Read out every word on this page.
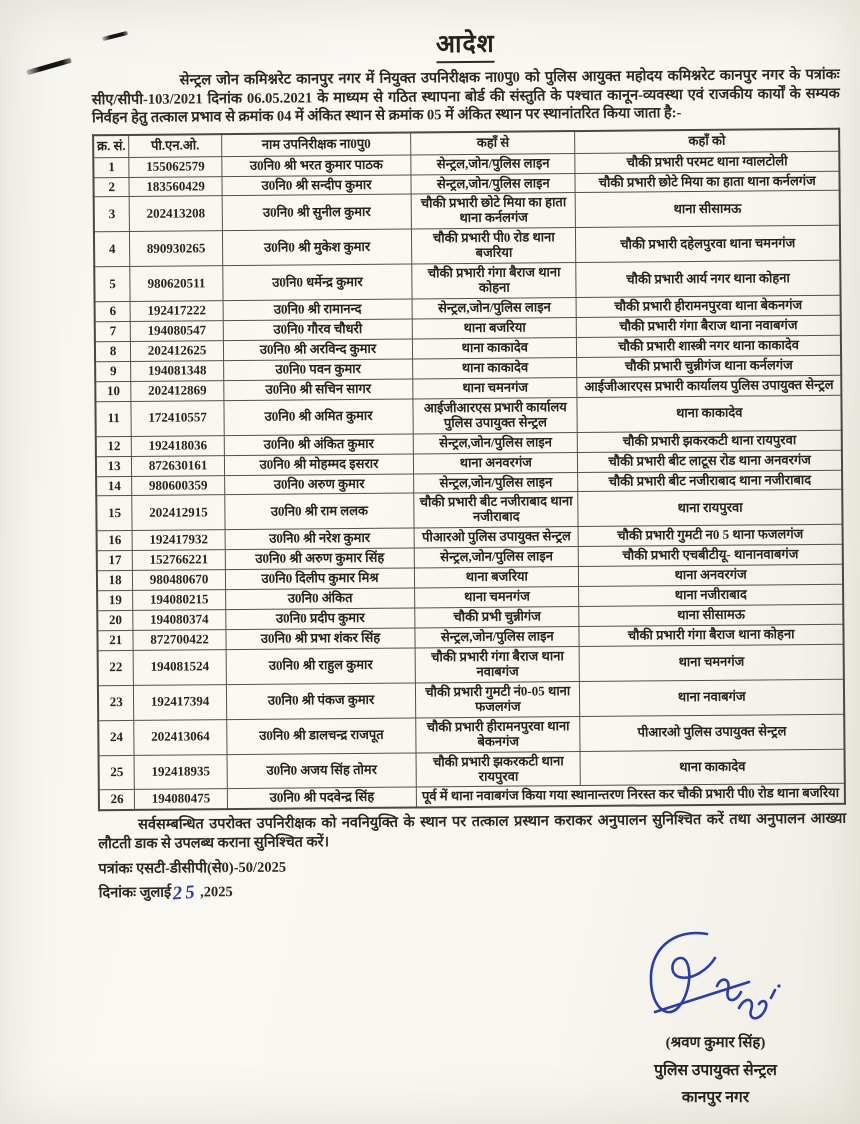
आदेश

सेन्ट्रल जोन कमिश्नरेट कानपुर नगर में नियुक्त उपनिरीक्षक ना0पु0 को पुलिस आयुक्त महोदय कमिश्नरेट कानपुर नगर के पत्रांकः सीए/सीपी-103/2021 दिनांक 06.05.2021 के माध्यम से गठित स्थापना बोर्ड की संस्तुति के पश्चात कानून-व्यवस्था एवं राजकीय कार्यों के सम्यक निर्वहन हेतु तत्काल प्रभाव से क्रमांक 04 में अंकित स्थान से क्रमांक 05 में अंकित स्थान पर स्थानांतरित किया जाता है:-

क्र. सं.	पी.एन.ओ.	नाम उपनिरीक्षक ना0पु0	कहाँ से	कहाँ को
1	155062579	उ0नि0 श्री भरत कुमार पाठक	सेन्ट्रल,जोन/पुलिस लाइन	चौकी प्रभारी परमट थाना ग्वालटोली
2	183560429	उ0नि0 श्री सन्दीप कुमार	सेन्ट्रल,जोन/पुलिस लाइन	चौकी प्रभारी छोटे मिया का हाता थाना कर्नलगंज
3	202413208	उ0नि0 श्री सुनील कुमार	चौकी प्रभारी छोटे मिया का हाता थाना कर्नलगंज	थाना सीसामऊ
4	890930265	उ0नि0 श्री मुकेश कुमार	चौकी प्रभारी पी0 रोड थाना बजरिया	चौकी प्रभारी दहेलपुरवा थाना चमनगंज
5	980620511	उ0नि0 धर्मेन्द्र कुमार	चौकी प्रभारी गंगा बैराज थाना कोहना	चौकी प्रभारी आर्य नगर थाना कोहना
6	192417222	उ0नि0 श्री रामानन्द	सेन्ट्रल,जोन/पुलिस लाइन	चौकी प्रभारी हीरामनपुरवा थाना बेकनगंज
7	194080547	उ0नि0 गौरव चौधरी	थाना बजरिया	चौकी प्रभारी गंगा बैराज थाना नवाबगंज
8	202412625	उ0नि0 श्री अरविन्द कुमार	थाना काकादेव	चौकी प्रभारी शास्त्री नगर थाना काकादेव
9	194081348	उ0नि0 पवन कुमार	थाना काकादेव	चौकी प्रभारी चुन्नीगंज थाना कर्नलगंज
10	202412869	उ0नि0 श्री सचिन सागर	थाना चमनगंज	आईजीआरएस प्रभारी कार्यालय पुलिस उपायुक्त सेन्ट्रल
11	172410557	उ0नि0 श्री अमित कुमार	आईजीआरएस प्रभारी कार्यालय पुलिस उपायुक्त सेन्ट्रल	थाना काकादेव
12	192418036	उ0नि0 श्री अंकित कुमार	सेन्ट्रल,जोन/पुलिस लाइन	चौकी प्रभारी झकरकटी थाना रायपुरवा
13	872630161	उ0नि0 श्री मोहम्मद इसरार	थाना अनवरगंज	चौकी प्रभारी बीट लाटूस रोड थाना अनवरगंज
14	980600359	उ0नि0 अरुण कुमार	सेन्ट्रल,जोन/पुलिस लाइन	चौकी प्रभारी बीट नजीराबाद थाना नजीराबाद
15	202412915	उ0नि0 श्री राम ललक	चौकी प्रभारी बीट नजीराबाद थाना नजीराबाद	थाना रायपुरवा
16	192417932	उ0नि0 श्री नरेश कुमार	पीआरओ पुलिस उपायुक्त सेन्ट्रल	चौकी प्रभारी गुमटी न0 5 थाना फजलगंज
17	152766221	उ0नि0 श्री अरुण कुमार सिंह	सेन्ट्रल,जोन/पुलिस लाइन	चौकी प्रभारी एचबीटीयू- थानानवाबगंज
18	980480670	उ0नि0 दिलीप कुमार मिश्र	थाना बजरिया	थाना अनवरगंज
19	194080215	उ0नि0 अंकित	थाना चमनगंज	थाना नजीराबाद
20	194080374	उ0नि0 प्रदीप कुमार	चौकी प्रभी चुन्नीगंज	थाना सीसामऊ
21	872700422	उ0नि0 श्री प्रभा शंकर सिंह	सेन्ट्रल,जोन/पुलिस लाइन	चौकी प्रभारी गंगा बैराज थाना कोहना
22	194081524	उ0नि0 श्री राहुल कुमार	चौकी प्रभारी गंगा बैराज थाना नवाबगंज	थाना चमनगंज
23	192417394	उ0नि0 श्री पंकज कुमार	चौकी प्रभारी गुमटी नं0-05 थाना फजलगंज	थाना नवाबगंज
24	202413064	उ0नि0 श्री डालचन्द्र राजपूत	चौकी प्रभारी हीरामनपुरवा थाना बेकनगंज	पीआरओ पुलिस उपायुक्त सेन्ट्रल
25	192418935	उ0नि0 अजय सिंह तोमर	चौकी प्रभारी झकरकटी थाना रायपुरवा	थाना काकादेव
26	194080475	उ0नि0 श्री पदवेन्द्र सिंह	पूर्व में थाना नवाबगंज किया गया स्थानान्तरण निरस्त कर चौकी प्रभारी पी0 रोड थाना बजरिया	

सर्वसम्बन्धित उपरोक्त उपनिरीक्षक को नवनियुक्ति के स्थान पर तत्काल प्रस्थान कराकर अनुपालन सुनिश्चित करें तथा अनुपालन आख्या लौटती डाक से उपलब्ध कराना सुनिश्चित करें।

पत्रांकः एसटी-डीसीपी(से0)-50/2025
दिनांकः जुलाई25,2025
(श्रवण कुमार सिंह)
पुलिस उपायुक्त सेन्ट्रल
कानपुर नगर
